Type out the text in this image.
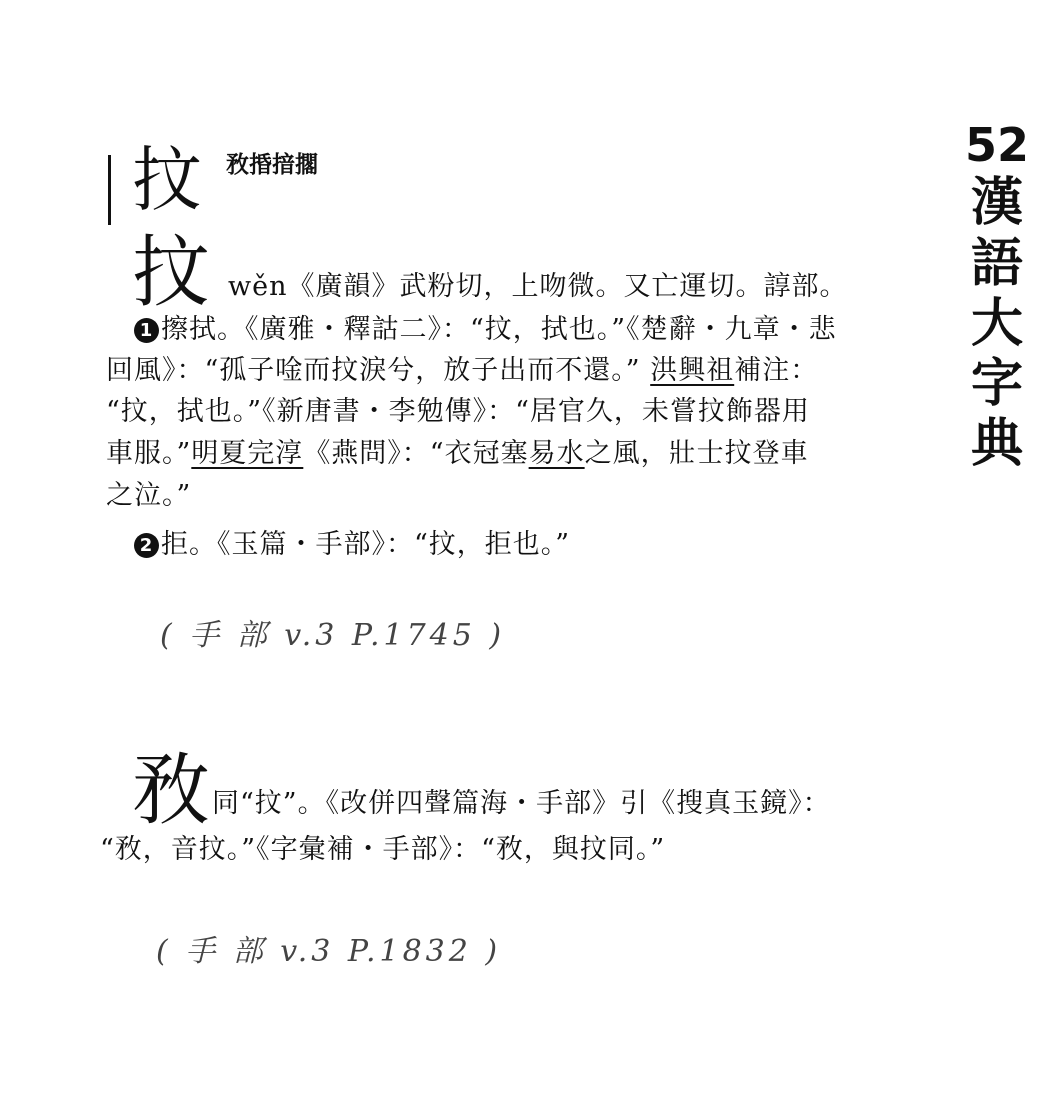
抆 敄捪揞擱
抆 wěn《廣韻》武粉切，上吻微。又亡運切。諄部。
1 擦拭。《廣雅・釋詁二》：“抆，拭也。”《楚辭・九章・悲
回風》：“孤子唫而抆淚兮，放子出而不還。” 洪興祖補注：
“抆，拭也。”《新唐書・李勉傳》：“居官久，未嘗抆飾器用
車服。”明夏完淳《燕問》：“衣冠塞易水之風，壯士抆登車
之泣。”
2 拒。《玉篇・手部》：“抆，拒也。”
( 手 部 v.3 P.1745 )
敄 同“抆”。《改併四聲篇海・手部》引《搜真玉鏡》：
“敄，音抆。”《字彙補・手部》：“敄，與抆同。”
( 手 部 v.3 P.1832 )
52
漢
語
大
字
典
